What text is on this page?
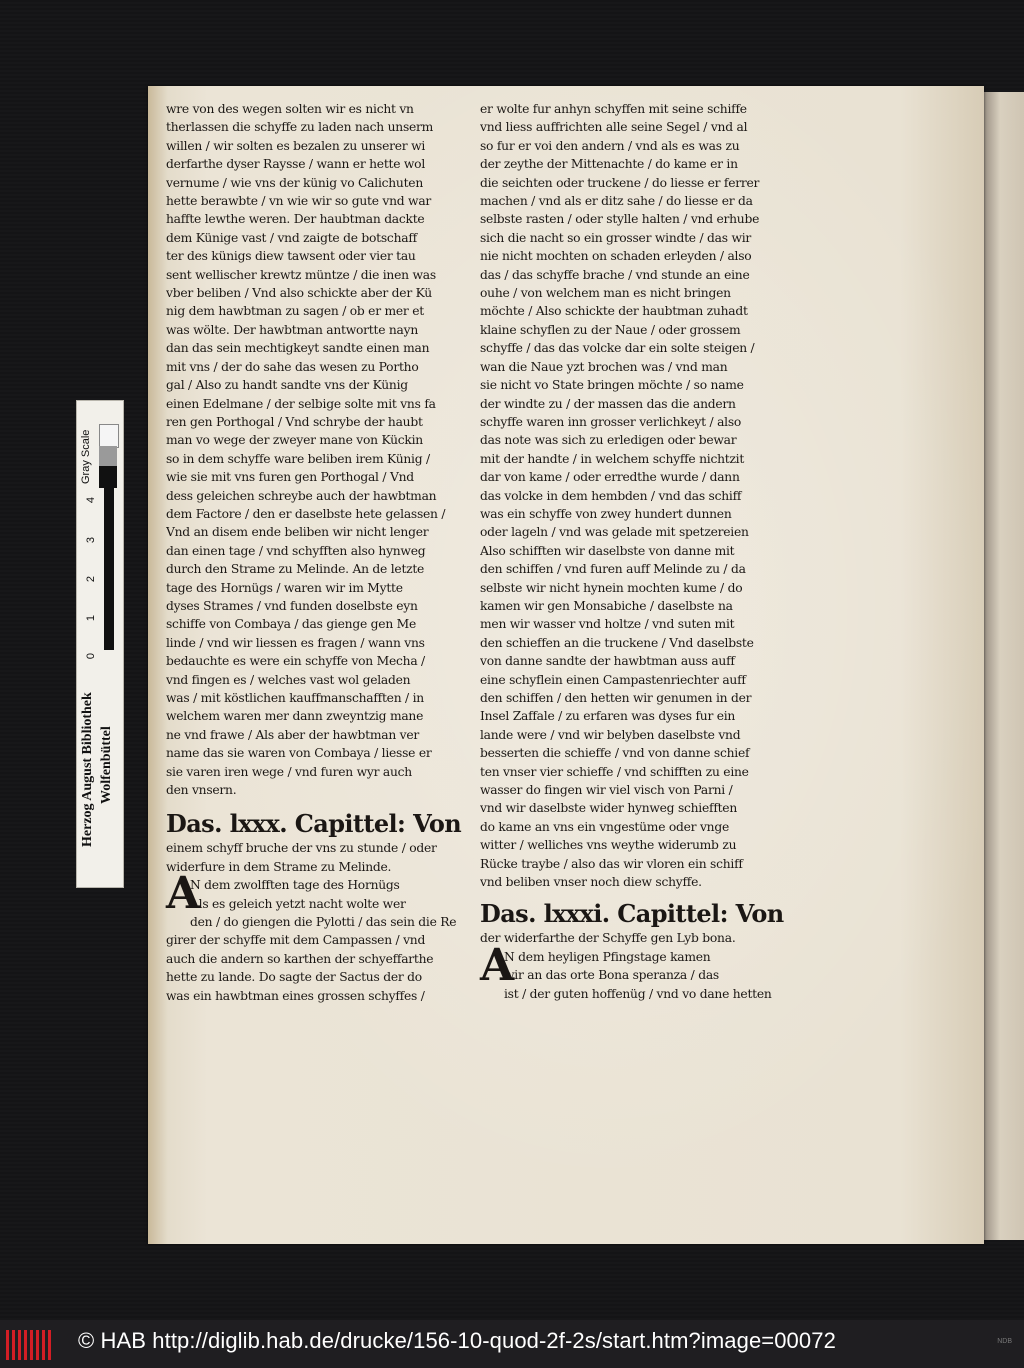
wre von des wegen solten wir es nicht vn
therlassen die schyffe zu laden nach unserm
willen / wir solten es bezalen zu unserer wi
derfarthe dyser Raysse / wann er hette wol
vernume / wie vns der künig vo Calichuten
hette berawbte / vn wie wir so gute vnd war
haffte lewthe weren. Der haubtman dackte
dem Künige vast / vnd zaigte de botschaff
ter des künigs diew tawsent oder vier tau
sent wellischer krewtz müntze / die inen was
vber beliben / Vnd also schickte aber der Kü
nig dem hawbtman zu sagen / ob er mer et
was wölte. Der hawbtman antwortte nayn
dan das sein mechtigkeyt sandte einen man
mit vns / der do sahe das wesen zu Portho
gal / Also zu handt sandte vns der Künig
einen Edelmane / der selbige solte mit vns fa
ren gen Porthogal / Vnd schrybe der haubt
man vo wege der zweyer mane von Kückin
so in dem schyffe ware beliben irem Künig /
wie sie mit vns furen gen Porthogal / Vnd
dess geleichen schreybe auch der hawbtman
dem Factore / den er daselbste hete gelassen /
Vnd an disem ende beliben wir nicht lenger
dan einen tage / vnd schyfften also hynweg
durch den Strame zu Melinde. An de letzte
tage des Hornügs / waren wir im Mytte
dyses Strames / vnd funden doselbste eyn
schiffe von Combaya / das gienge gen Me
linde / vnd wir liessen es fragen / wann vns
bedauchte es were ein schyffe von Mecha /
vnd fingen es / welches vast wol geladen
was / mit köstlichen kauffmanschafften / in
welchem waren mer dann zweyntzig mane
ne vnd frawe / Als aber der hawbtman ver
name das sie waren von Combaya / liesse er
sie varen iren wege / vnd furen wyr auch
den vnsern.
Das. lxxx. Capittel: Von
einem schyff bruche der vns zu stunde / oder
widerfure in dem Strame zu Melinde.
A
N dem zwolfften tage des Hornügs
Als es geleich yetzt nacht wolte wer
den / do giengen die Pylotti / das sein die Re
girer der schyffe mit dem Campassen / vnd
auch die andern so karthen der schyeffarthe
hette zu lande. Do sagte der Sactus der do
was ein hawbtman eines grossen schyffes /
er wolte fur anhyn schyffen mit seine schiffe
vnd liess auffrichten alle seine Segel / vnd al
so fur er voi den andern / vnd als es was zu
der zeythe der Mittenachte / do kame er in
die seichten oder truckene / do liesse er ferrer
machen / vnd als er ditz sahe / do liesse er da
selbste rasten / oder stylle halten / vnd erhube
sich die nacht so ein grosser windte / das wir
nie nicht mochten on schaden erleyden / also
das / das schyffe brache / vnd stunde an eine
ouhe / von welchem man es nicht bringen
möchte / Also schickte der haubtman zuhadt
klaine schyflen zu der Naue / oder grossem
schyffe / das das volcke dar ein solte steigen /
wan die Naue yzt brochen was / vnd man
sie nicht vo State bringen möchte / so name
der windte zu / der massen das die andern
schyffe waren inn grosser verlichkeyt / also
das note was sich zu erledigen oder bewar
mit der handte / in welchem schyffe nichtzit
dar von kame / oder erredthe wurde / dann
das volcke in dem hembden / vnd das schiff
was ein schyffe von zwey hundert dunnen
oder lageln / vnd was gelade mit spetzereien
Also schifften wir daselbste von danne mit
den schiffen / vnd furen auff Melinde zu / da
selbste wir nicht hynein mochten kume / do
kamen wir gen Monsabiche / daselbste na
men wir wasser vnd holtze / vnd suten mit
den schieffen an die truckene / Vnd daselbste
von danne sandte der hawbtman auss auff
eine schyflein einen Campastenriechter auff
den schiffen / den hetten wir genumen in der
Insel Zaffale / zu erfaren was dyses fur ein
lande were / vnd wir belyben daselbste vnd
besserten die schieffe / vnd von danne schief
ten vnser vier schieffe / vnd schifften zu eine
wasser do fingen wir viel visch von Parni /
vnd wir daselbste wider hynweg schiefften
do kame an vns ein vngestüme oder vnge
witter / welliches vns weythe widerumb zu
Rücke traybe / also das wir vloren ein schiff
vnd beliben vnser noch diew schyffe.
Das. lxxxi. Capittel: Von
der widerfarthe der Schyffe gen Lyb bona.
A
N dem heyligen Pfingstage kamen
wir an das orte Bona speranza / das
ist / der guten hoffenüg / vnd vo dane hetten
Gray Scale
0
1
2
3
4
Herzog August Bibliothek Wolfenbüttel
© HAB http://diglib.hab.de/drucke/156-10-quod-2f-2s/start.htm?image=00072	NDB
